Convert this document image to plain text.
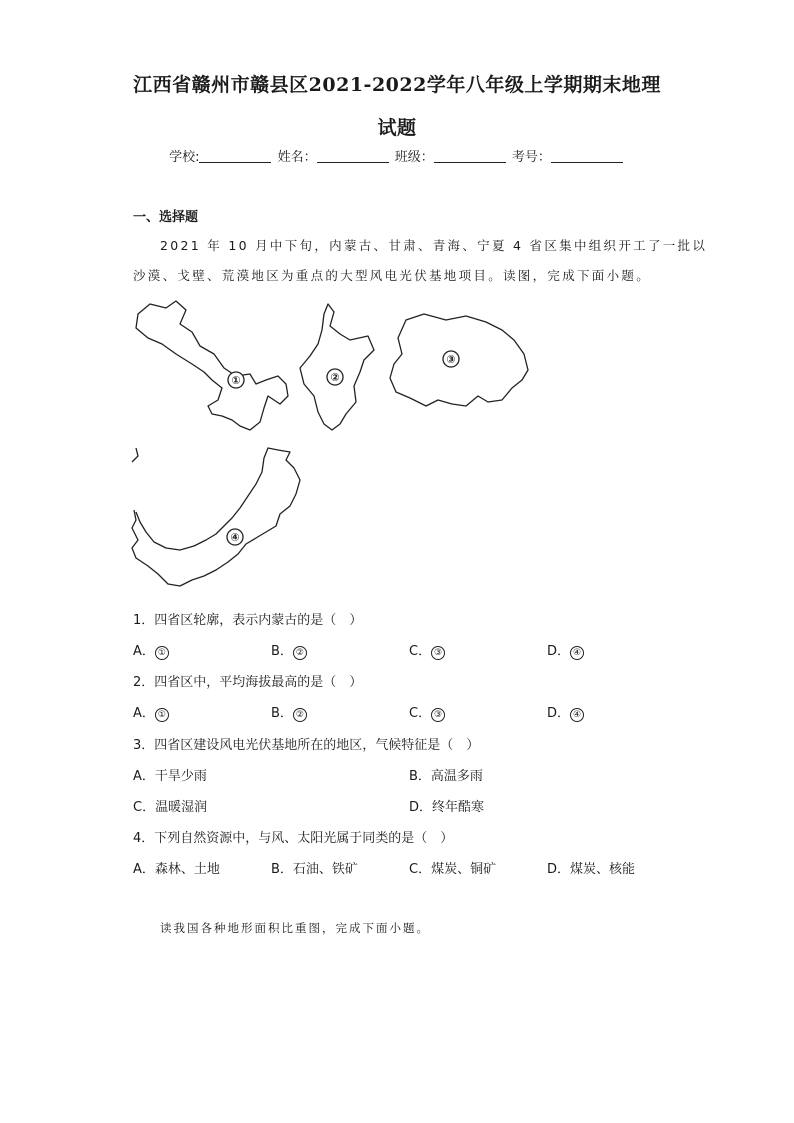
江西省赣州市赣县区2021-2022学年八年级上学期期末地理
试题
学校:	姓名：	班级：	考号：
一、选择题
2021 年 10 月中下旬，内蒙古、甘肃、青海、宁夏 4 省区集中组织开工了一批以
沙漠、戈壁、荒漠地区为重点的大型风电光伏基地项目。读图，完成下面小题。
①	②
③
④
1．四省区轮廓，表示内蒙古的是（　）
A． ①	B． ②	C． ③	D． ④
2．四省区中，平均海拔最高的是（　）
A． ①	B． ②	C． ③	D． ④
3．四省区建设风电光伏基地所在的地区，气候特征是（　）
A．干旱少雨	B．高温多雨
C．温暖湿润	D．终年酷寒
4．下列自然资源中，与风、太阳光属于同类的是（　）
A．森林、土地	B．石油、铁矿	C．煤炭、铜矿	D．煤炭、核能
读我国各种地形面积比重图，完成下面小题。
